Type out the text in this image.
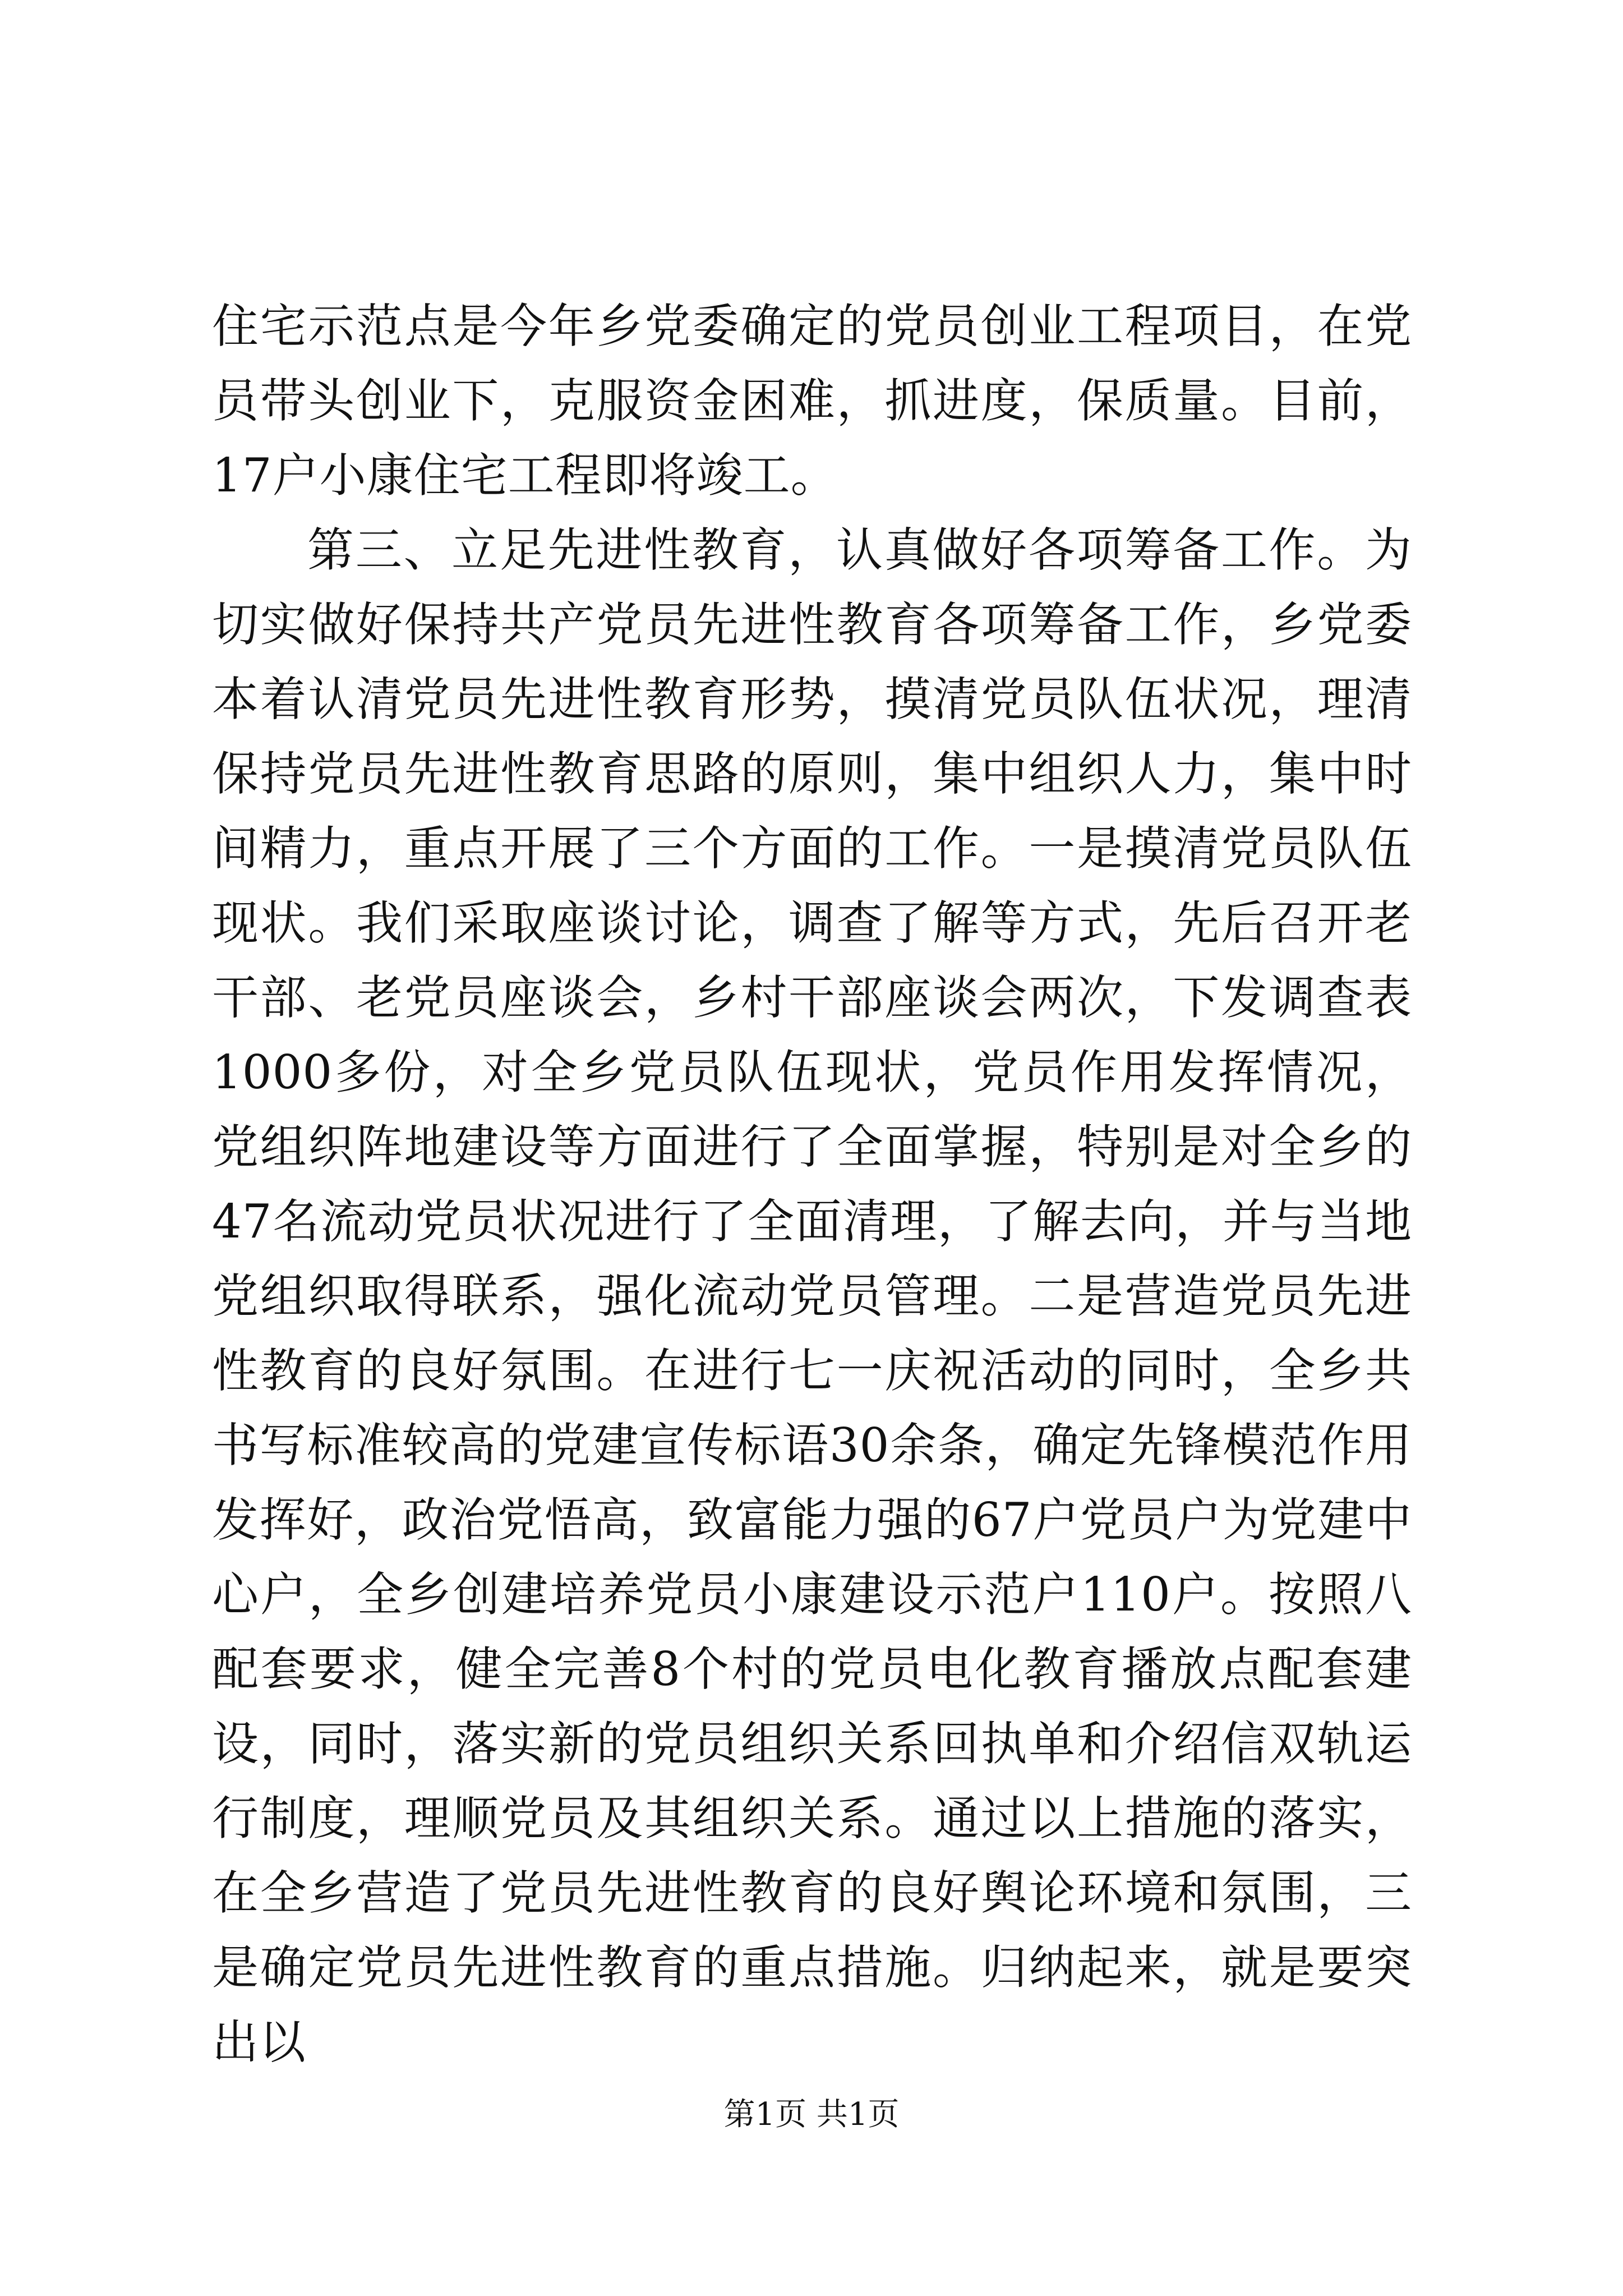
住宅示范点是今年乡党委确定的党员创业工程项目，在党员带头创业下，克服资金困难，抓进度，保质量。目前，17户小康住宅工程即将竣工。

第三、立足先进性教育，认真做好各项筹备工作。为切实做好保持共产党员先进性教育各项筹备工作，乡党委本着认清党员先进性教育形势，摸清党员队伍状况，理清保持党员先进性教育思路的原则，集中组织人力，集中时间精力，重点开展了三个方面的工作。一是摸清党员队伍现状。我们采取座谈讨论，调查了解等方式，先后召开老干部、老党员座谈会，乡村干部座谈会两次，下发调查表1000多份，对全乡党员队伍现状，党员作用发挥情况，党组织阵地建设等方面进行了全面掌握，特别是对全乡的47名流动党员状况进行了全面清理，了解去向，并与当地党组织取得联系，强化流动党员管理。二是营造党员先进性教育的良好氛围。在进行七一庆祝活动的同时，全乡共书写标准较高的党建宣传标语30余条，确定先锋模范作用发挥好，政治党悟高，致富能力强的67户党员户为党建中心户，全乡创建培养党员小康建设示范户110户。按照八配套要求，健全完善8个村的党员电化教育播放点配套建设，同时，落实新的党员组织关系回执单和介绍信双轨运行制度，理顺党员及其组织关系。通过以上措施的落实，在全乡营造了党员先进性教育的良好舆论环境和氛围，三是确定党员先进性教育的重点措施。归纳起来，就是要突出以

第1页 共1页
